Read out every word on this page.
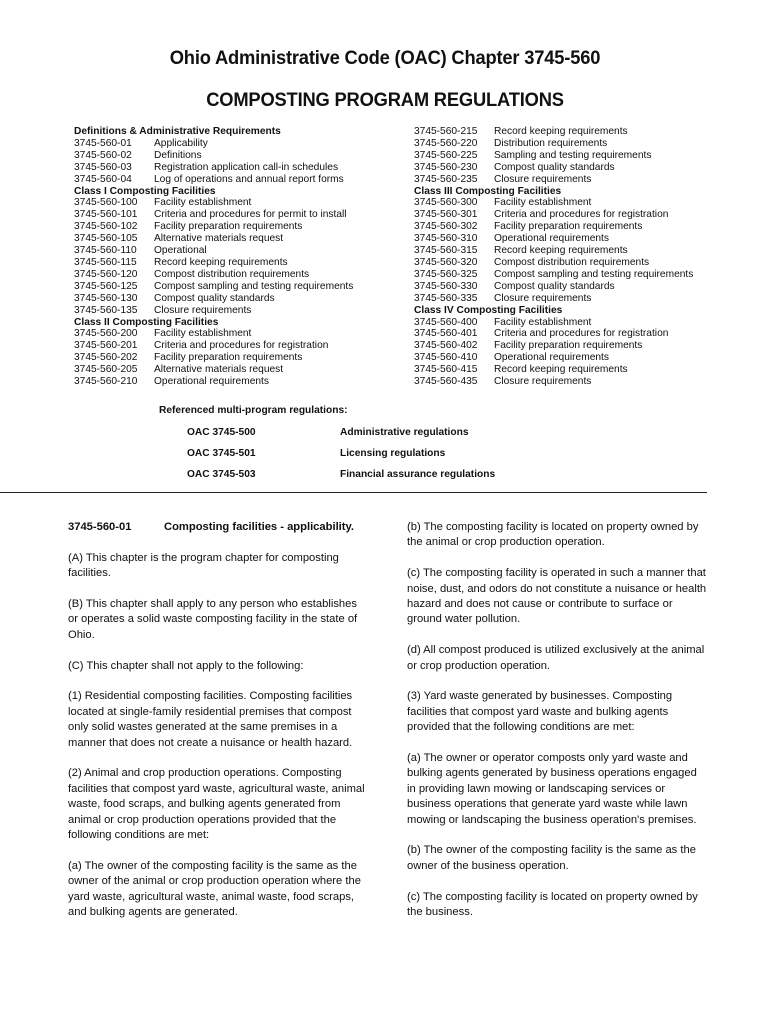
Ohio Administrative Code (OAC) Chapter 3745-560
COMPOSTING PROGRAM REGULATIONS
Definitions & Administrative Requirements
3745-560-01	Applicability
3745-560-02	Definitions
3745-560-03	Registration application call-in schedules
3745-560-04	Log of operations and annual report forms
Class I Composting Facilities
3745-560-100	Facility establishment
3745-560-101	Criteria and procedures for permit to install
3745-560-102	Facility preparation requirements
3745-560-105	Alternative materials request
3745-560-110	Operational
3745-560-115	Record keeping requirements
3745-560-120	Compost distribution requirements
3745-560-125	Compost sampling and testing requirements
3745-560-130	Compost quality standards
3745-560-135	Closure requirements
Class II Composting Facilities
3745-560-200	Facility establishment
3745-560-201	Criteria and procedures for registration
3745-560-202	Facility preparation requirements
3745-560-205	Alternative materials request
3745-560-210	Operational requirements
3745-560-215	Record keeping requirements
3745-560-220	Distribution requirements
3745-560-225	Sampling and testing requirements
3745-560-230	Compost quality standards
3745-560-235	Closure requirements
Class III Composting Facilities
3745-560-300	Facility establishment
3745-560-301	Criteria and procedures for registration
3745-560-302	Facility preparation requirements
3745-560-310	Operational requirements
3745-560-315	Record keeping requirements
3745-560-320	Compost distribution requirements
3745-560-325	Compost sampling and testing requirements
3745-560-330	Compost quality standards
3745-560-335	Closure requirements
Class IV Composting Facilities
3745-560-400	Facility establishment
3745-560-401	Criteria and procedures for registration
3745-560-402	Facility preparation requirements
3745-560-410	Operational requirements
3745-560-415	Record keeping requirements
3745-560-435	Closure requirements
Referenced multi-program regulations:
OAC 3745-500	Administrative regulations
OAC 3745-501	Licensing regulations
OAC 3745-503	Financial assurance regulations
3745-560-01	Composting facilities - applicability.
(A) This chapter is the program chapter for composting facilities.
(B) This chapter shall apply to any person who establishes or operates a solid waste composting facility in the state of Ohio.
(C) This chapter shall not apply to the following:
(1) Residential composting facilities. Composting facilities located at single-family residential premises that compost only solid wastes generated at the same premises in a manner that does not create a nuisance or health hazard.
(2) Animal and crop production operations. Composting facilities that compost yard waste, agricultural waste, animal waste, food scraps, and bulking agents generated from animal or crop production operations provided that the following conditions are met:
(a) The owner of the composting facility is the same as the owner of the animal or crop production operation where the yard waste, agricultural waste, animal waste, food scraps, and bulking agents are generated.
(b) The composting facility is located on property owned by the animal or crop production operation.
(c) The composting facility is operated in such a manner that noise, dust, and odors do not constitute a nuisance or health hazard and does not cause or contribute to surface or ground water pollution.
(d) All compost produced is utilized exclusively at the animal or crop production operation.
(3) Yard waste generated by businesses. Composting facilities that compost yard waste and bulking agents provided that the following conditions are met:
(a) The owner or operator composts only yard waste and bulking agents generated by business operations engaged in providing lawn mowing or landscaping services or business operations that generate yard waste while lawn mowing or landscaping the business operation's premises.
(b) The owner of the composting facility is the same as the owner of the business operation.
(c) The composting facility is located on property owned by the business.
